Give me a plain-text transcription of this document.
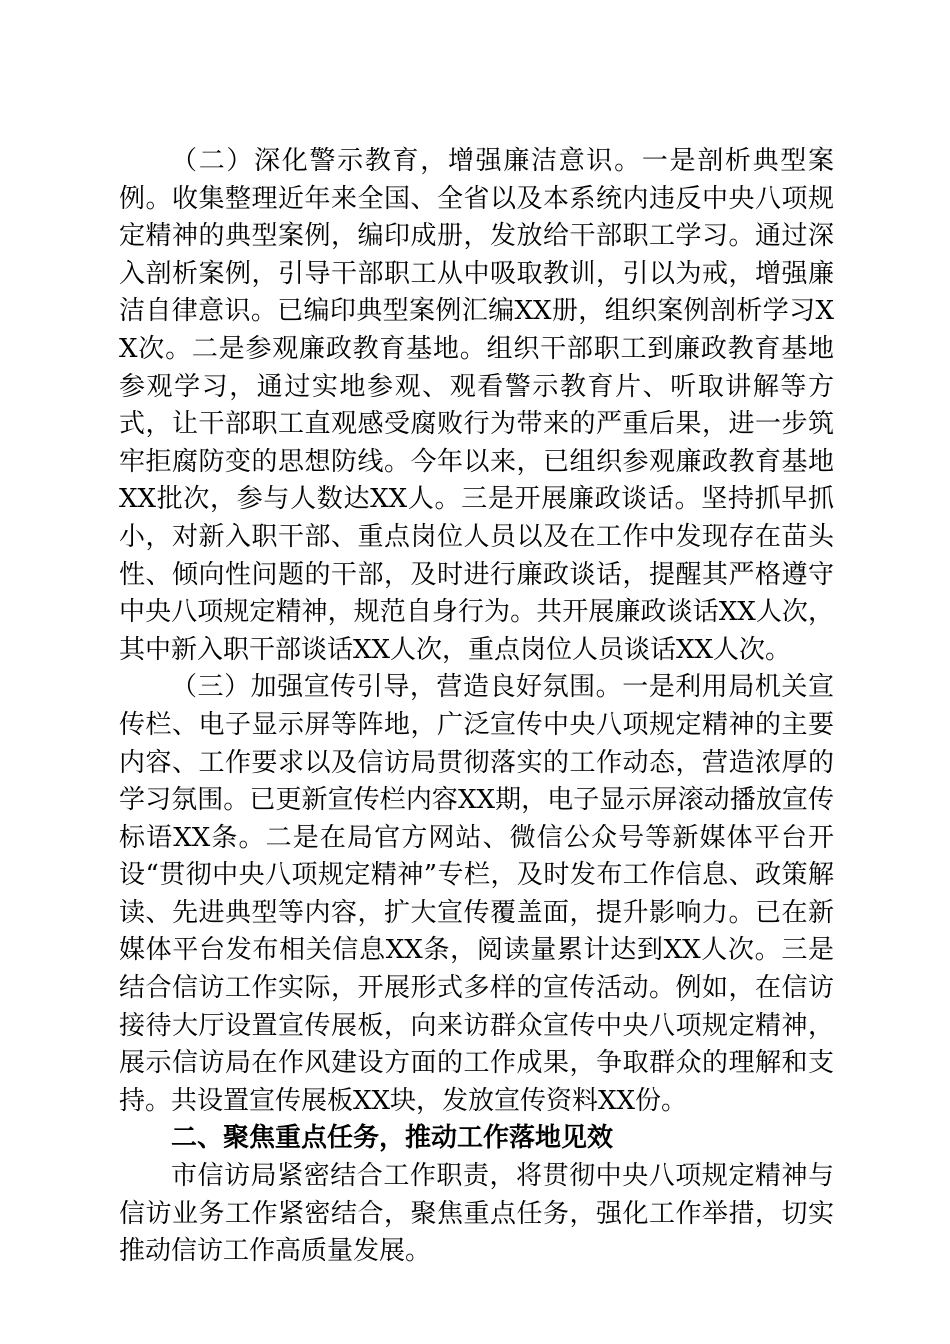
（二）深化警示教育，增强廉洁意识。一是剖析典型案例。收集整理近年来全国、全省以及本系统内违反中央八项规定精神的典型案例，编印成册，发放给干部职工学习。通过深入剖析案例，引导干部职工从中吸取教训，引以为戒，增强廉洁自律意识。已编印典型案例汇编XX册，组织案例剖析学习XX次。二是参观廉政教育基地。组织干部职工到廉政教育基地参观学习，通过实地参观、观看警示教育片、听取讲解等方式，让干部职工直观感受腐败行为带来的严重后果，进一步筑牢拒腐防变的思想防线。今年以来，已组织参观廉政教育基地XX批次，参与人数达XX人。三是开展廉政谈话。坚持抓早抓小，对新入职干部、重点岗位人员以及在工作中发现存在苗头性、倾向性问题的干部，及时进行廉政谈话，提醒其严格遵守中央八项规定精神，规范自身行为。共开展廉政谈话XX人次，其中新入职干部谈话XX人次，重点岗位人员谈话XX人次。

（三）加强宣传引导，营造良好氛围。一是利用局机关宣传栏、电子显示屏等阵地，广泛宣传中央八项规定精神的主要内容、工作要求以及信访局贯彻落实的工作动态，营造浓厚的学习氛围。已更新宣传栏内容XX期，电子显示屏滚动播放宣传标语XX条。二是在局官方网站、微信公众号等新媒体平台开设“贯彻中央八项规定精神”专栏，及时发布工作信息、政策解读、先进典型等内容，扩大宣传覆盖面，提升影响力。已在新媒体平台发布相关信息XX条，阅读量累计达到XX人次。三是结合信访工作实际，开展形式多样的宣传活动。例如，在信访接待大厅设置宣传展板，向来访群众宣传中央八项规定精神，展示信访局在作风建设方面的工作成果，争取群众的理解和支持。共设置宣传展板XX块，发放宣传资料XX份。

二、聚焦重点任务，推动工作落地见效

市信访局紧密结合工作职责，将贯彻中央八项规定精神与信访业务工作紧密结合，聚焦重点任务，强化工作举措，切实推动信访工作高质量发展。
